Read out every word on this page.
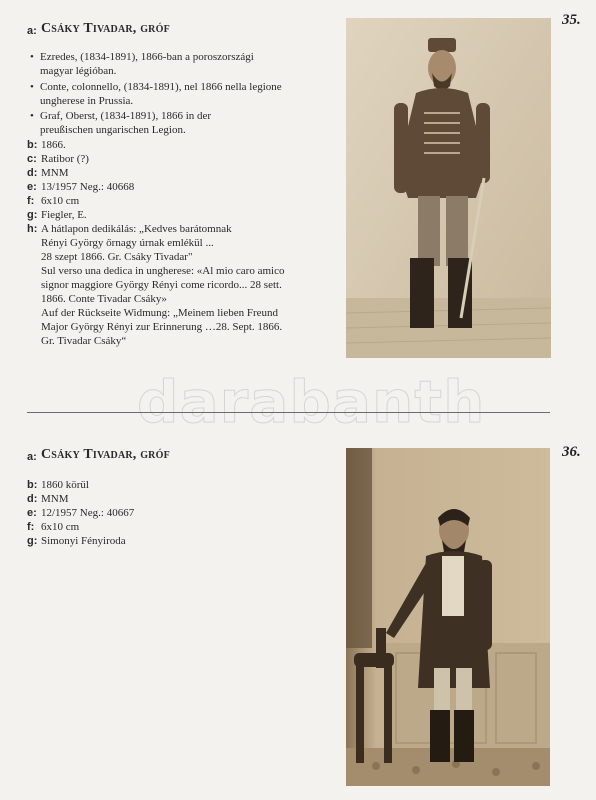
a: Csáky Tivadar, gróf
• Ezredes, (1834-1891), 1866-ban a poroszországi
magyar légióban.
• Conte, colonnello, (1834-1891), nel 1866 nella legione
ungherese in Prussia.
• Graf, Oberst, (1834-1891), 1866 in der
preußischen ungarischen Legion.
b: 1866.
c: Ratibor (?)
d: MNM
e: 13/1957 Neg.: 40668
f: 6x10 cm
g: Fiegler, E.
h: A hátlapon dedikálás: „Kedves barátomnak
Rényi György őrnagy úrnak emlékül ...
28 szept 1866. Gr. Csáky Tivadar"
Sul verso una dedica in ungherese: «Al mio caro amico
signor maggiore György Rényi come ricordo... 28 sett.
1866. Conte Tivadar Csáky»
Auf der Rückseite Widmung: „Meinem lieben Freund
Major György Rényi zur Erinnerung …28. Sept. 1866.
Gr. Tivadar Csáky“
35.
darabanth
a: Csáky Tivadar, gróf
b: 1860 körül
d: MNM
e: 12/1957 Neg.: 40667
f: 6x10 cm
g: Simonyi Fényiroda
36.
